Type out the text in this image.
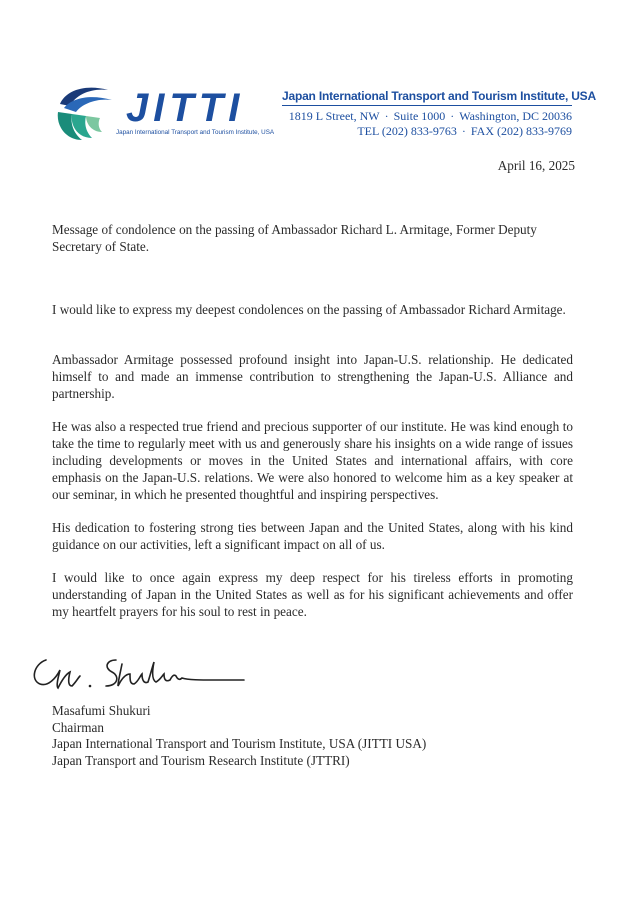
JITTI
Japan International Transport and Tourism Institute, USA
Japan International Transport and Tourism Institute, USA
1819 L Street, NW · Suite 1000 · Washington, DC 20036
TEL (202) 833-9763 · FAX (202) 833-9769
April 16, 2025
Message of condolence on the passing of Ambassador Richard L. Armitage, Former Deputy Secretary of State.

I would like to express my deepest condolences on the passing of Ambassador Richard Armitage.

Ambassador Armitage possessed profound insight into Japan-U.S. relationship. He dedicated himself to and made an immense contribution to strengthening the Japan-U.S. Alliance and partnership.

He was also a respected true friend and precious supporter of our institute. He was kind enough to take the time to regularly meet with us and generously share his insights on a wide range of issues including developments or moves in the United States and international affairs, with core emphasis on the Japan-U.S. relations. We were also honored to welcome him as a key speaker at our seminar, in which he presented thoughtful and inspiring perspectives.

His dedication to fostering strong ties between Japan and the United States, along with his kind guidance on our activities, left a significant impact on all of us.

I would like to once again express my deep respect for his tireless efforts in promoting understanding of Japan in the United States as well as for his significant achievements and offer my heartfelt prayers for his soul to rest in peace.

Masafumi Shukuri
Chairman
Japan International Transport and Tourism Institute, USA (JITTI USA)
Japan Transport and Tourism Research Institute (JTTRI)
